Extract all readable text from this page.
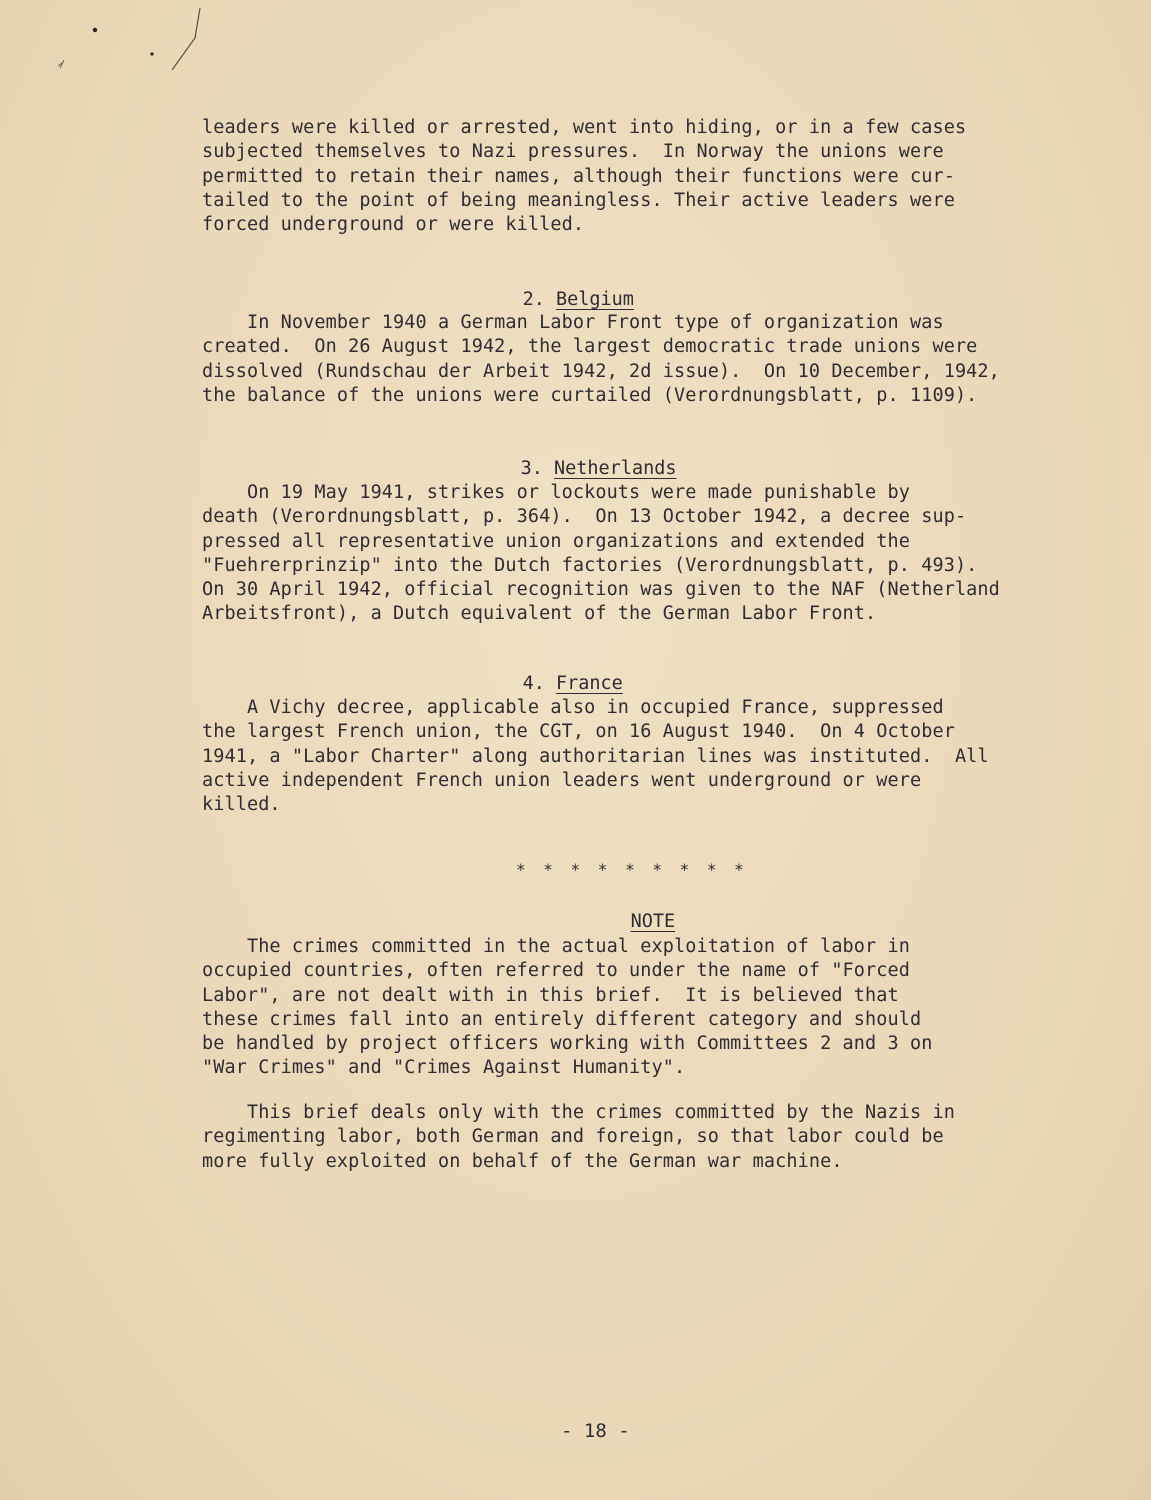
leaders were killed or arrested, went into hiding, or in a few cases
subjected themselves to Nazi pressures.  In Norway the unions were
permitted to retain their names, although their functions were cur-
tailed to the point of being meaningless. Their active leaders were
forced underground or were killed.

2. Belgium

In November 1940 a German Labor Front type of organization was
created.  On 26 August 1942, the largest democratic trade unions were
dissolved (Rundschau der Arbeit 1942, 2d issue).  On 10 December, 1942,
the balance of the unions were curtailed (Verordnungsblatt, p. 1109).

3. Netherlands

On 19 May 1941, strikes or lockouts were made punishable by
death (Verordnungsblatt, p. 364).  On 13 October 1942, a decree sup-
pressed all representative union organizations and extended the
"Fuehrerprinzip" into the Dutch factories (Verordnungsblatt, p. 493).
On 30 April 1942, official recognition was given to the NAF (Netherland
Arbeitsfront), a Dutch equivalent of the German Labor Front.

4. France

A Vichy decree, applicable also in occupied France, suppressed
the largest French union, the CGT, on 16 August 1940.  On 4 October
1941, a "Labor Charter" along authoritarian lines was instituted.  All
active independent French union leaders went underground or were
killed.
* * * * * * * * *

NOTE

The crimes committed in the actual exploitation of labor in
occupied countries, often referred to under the name of "Forced
Labor", are not dealt with in this brief.  It is believed that
these crimes fall into an entirely different category and should
be handled by project officers working with Committees 2 and 3 on
"War Crimes" and "Crimes Against Humanity".
This brief deals only with the crimes committed by the Nazis in
regimenting labor, both German and foreign, so that labor could be
more fully exploited on behalf of the German war machine.
- 18 -
